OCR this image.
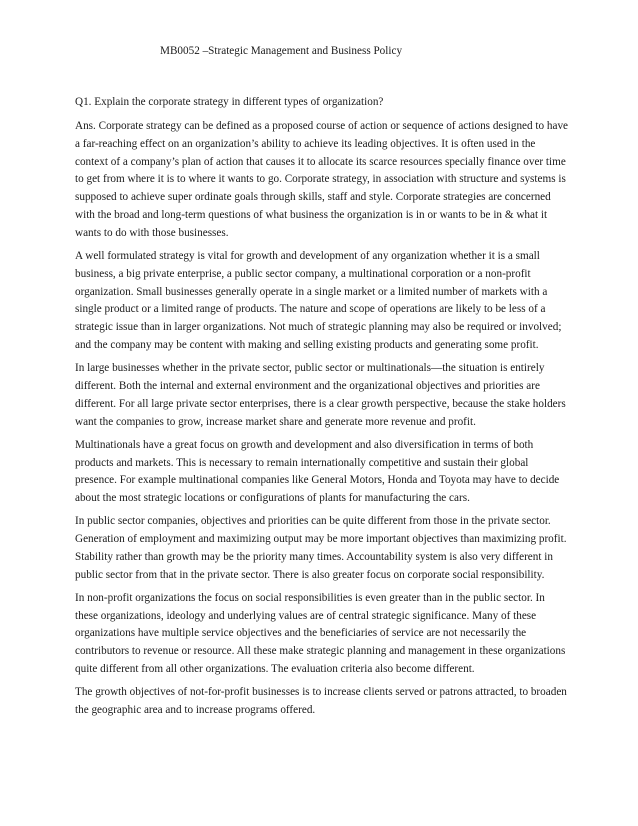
MB0052 –Strategic Management and Business Policy

Q1. Explain the corporate strategy in different types of organization?

Ans. Corporate strategy can be defined as a proposed course of action or sequence of actions designed to have a far-reaching effect on an organization’s ability to achieve its leading objectives. It is often used in the context of a company’s plan of action that causes it to allocate its scarce resources specially finance over time to get from where it is to where it wants to go. Corporate strategy, in association with structure and systems is supposed to achieve super ordinate goals through skills, staff and style. Corporate strategies are concerned with the broad and long-term questions of what business the organization is in or wants to be in & what it wants to do with those businesses.

A well formulated strategy is vital for growth and development of any organization whether it is a small business, a big private enterprise, a public sector company, a multinational corporation or a non-profit organization. Small businesses generally operate in a single market or a limited number of markets with a single product or a limited range of products. The nature and scope of operations are likely to be less of a strategic issue than in larger organizations. Not much of strategic planning may also be required or involved; and the company may be content with making and selling existing products and generating some profit.

In large businesses whether in the private sector, public sector or multinationals—the situation is entirely different. Both the internal and external environment and the organizational objectives and priorities are different. For all large private sector enterprises, there is a clear growth perspective, because the stake holders want the companies to grow, increase market share and generate more revenue and profit.

Multinationals have a great focus on growth and development and also diversification in terms of both products and markets. This is necessary to remain internationally competitive and sustain their global presence. For example multinational companies like General Motors, Honda and Toyota may have to decide about the most strategic locations or configurations of plants for manufacturing the cars.

In public sector companies, objectives and priorities can be quite different from those in the private sector. Generation of employment and maximizing output may be more important objectives than maximizing profit. Stability rather than growth may be the priority many times. Accountability system is also very different in public sector from that in the private sector. There is also greater focus on corporate social responsibility.

In non-profit organizations the focus on social responsibilities is even greater than in the public sector. In these organizations, ideology and underlying values are of central strategic significance. Many of these organizations have multiple service objectives and the beneficiaries of service are not necessarily the contributors to revenue or resource. All these make strategic planning and management in these organizations quite different from all other organizations. The evaluation criteria also become different.

The growth objectives of not-for-profit businesses is to increase clients served or patrons attracted, to broaden the geographic area and to increase programs offered.
